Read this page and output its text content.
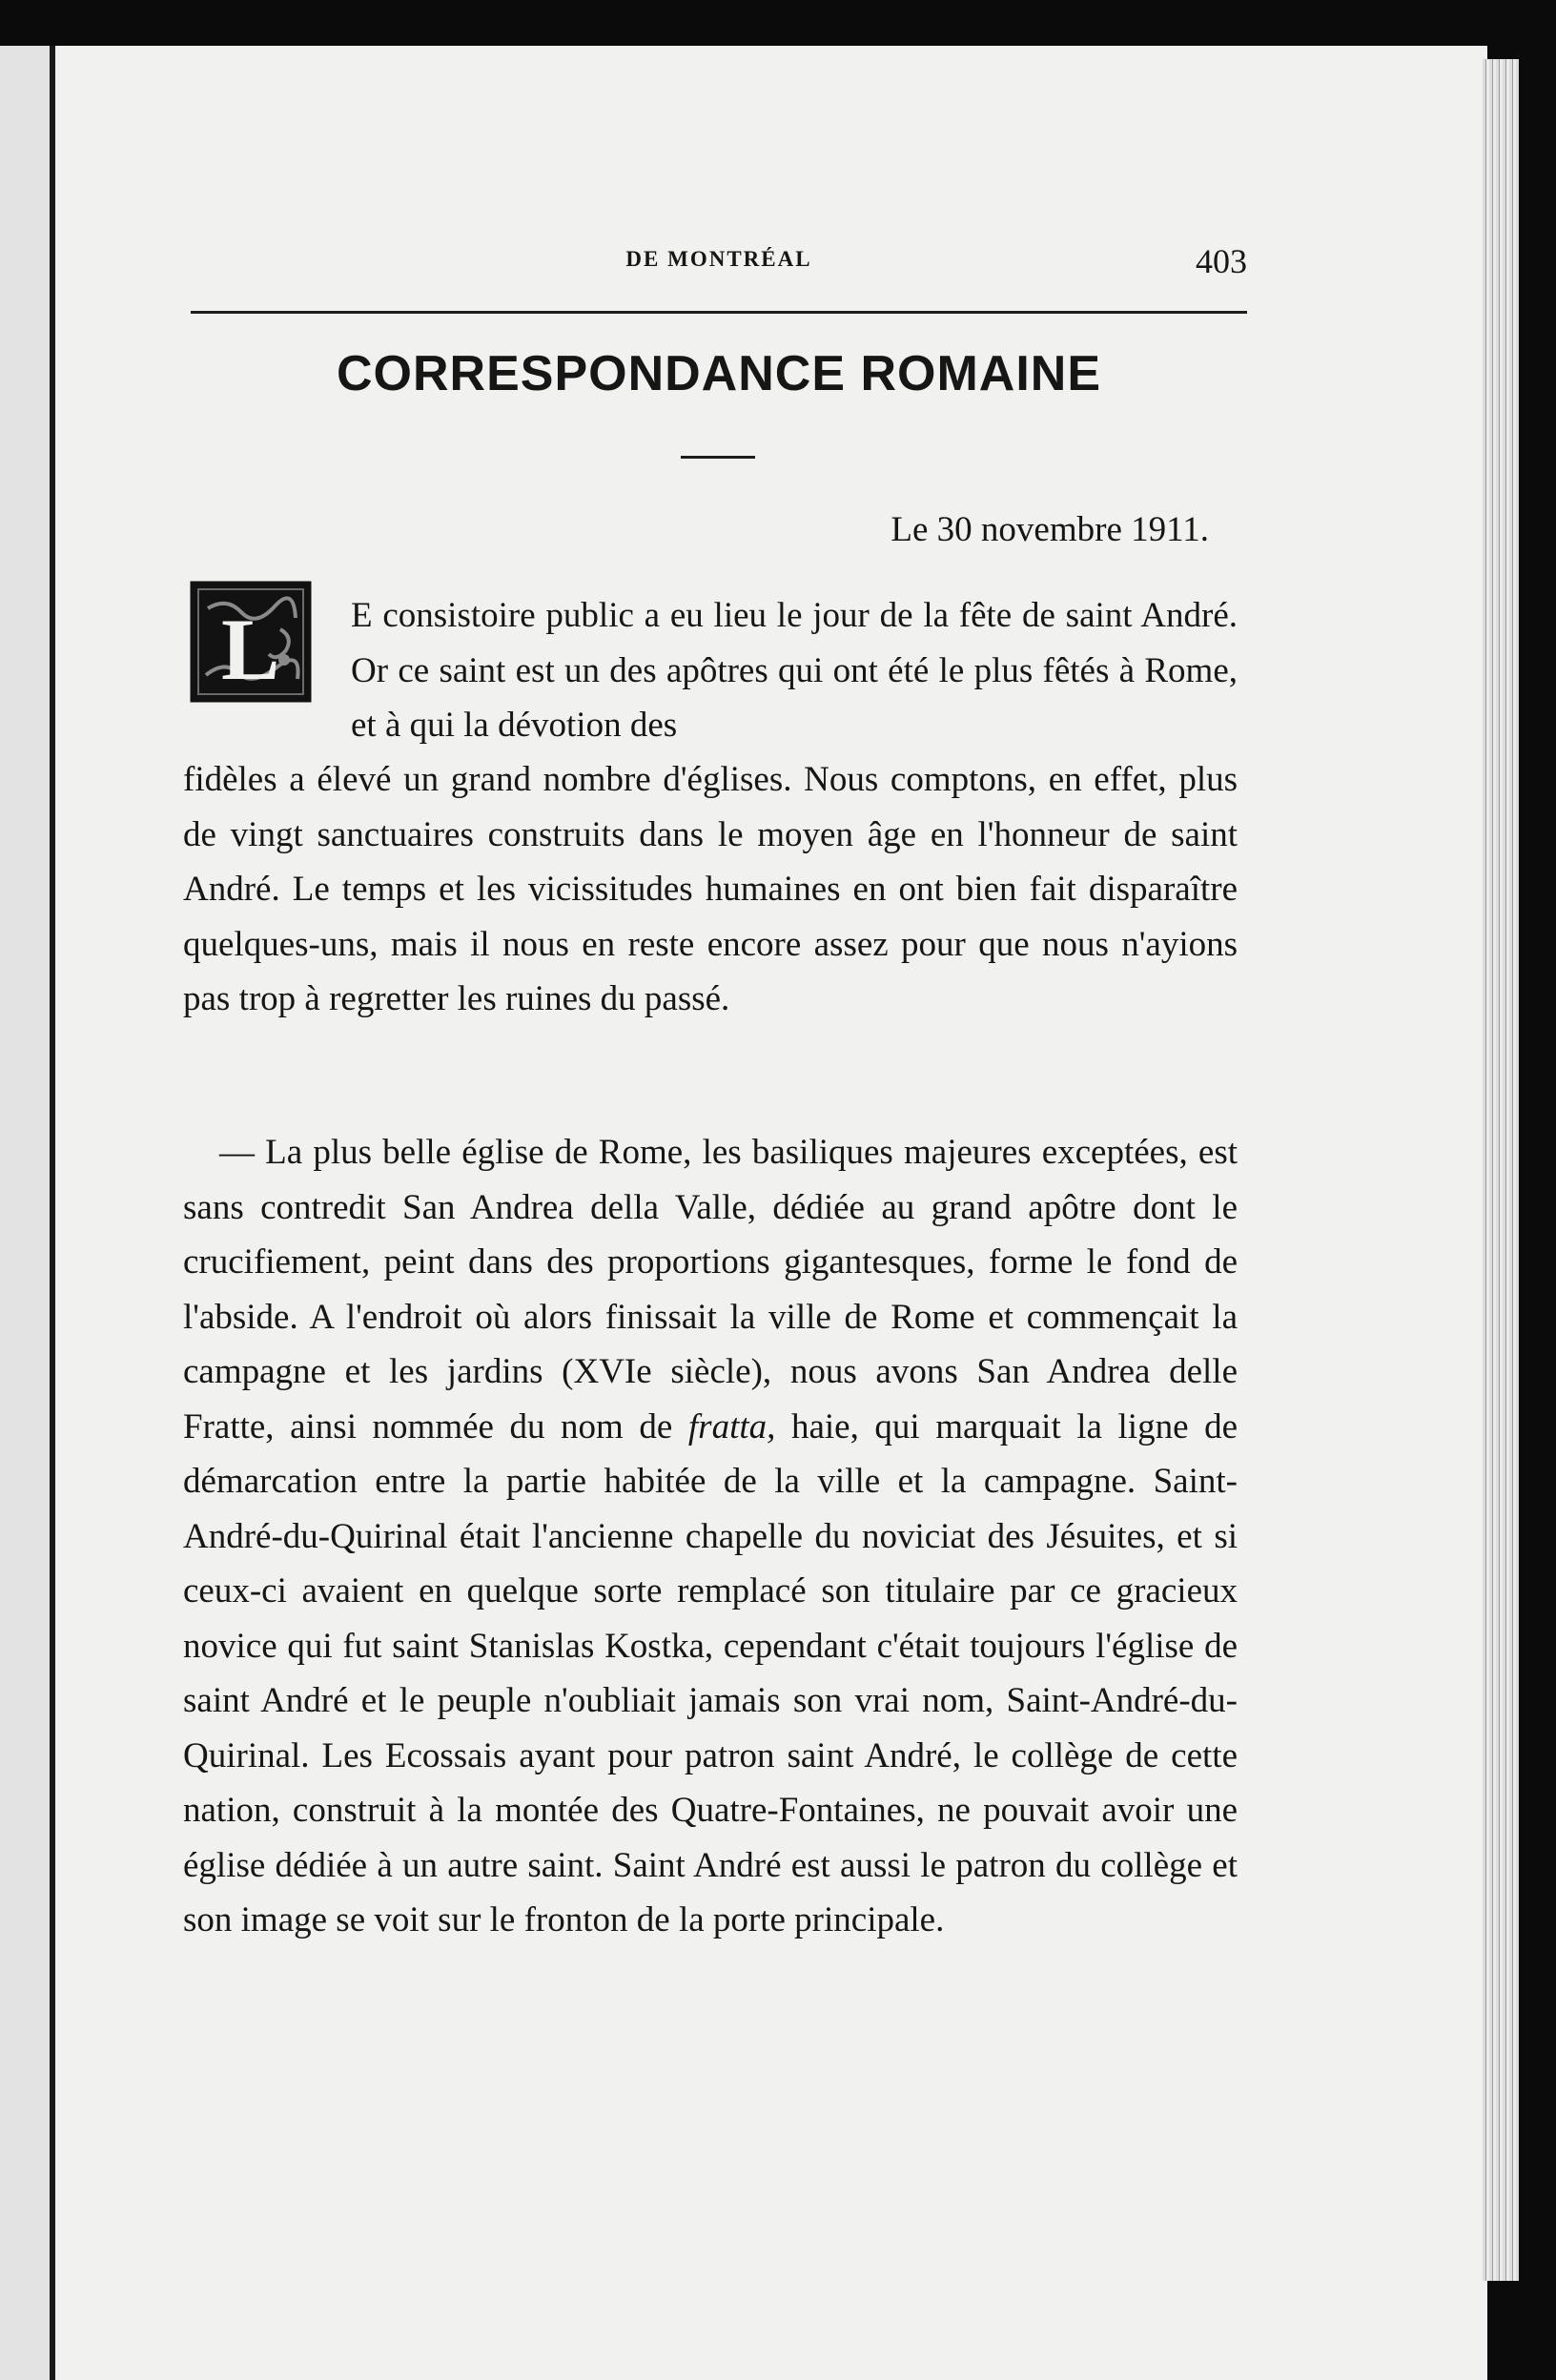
DE MONTRÉAL	403
CORRESPONDANCE ROMAINE
Le 30 novembre 1911.
L E consistoire public a eu lieu le jour de la fête de saint André. Or ce saint est un des apôtres qui ont été le plus fêtés à Rome, et à qui la dévotion des
fidèles a élevé un grand nombre d'églises. Nous comptons, en effet, plus de vingt sanctuaires construits dans le moyen âge en l'honneur de saint André. Le temps et les vicissitudes humaines en ont bien fait disparaître quelques-uns, mais il nous en reste encore assez pour que nous n'ayions pas trop à regretter les ruines du passé.
— La plus belle église de Rome, les basiliques majeures exceptées, est sans contredit San Andrea della Valle, dédiée au grand apôtre dont le crucifiement, peint dans des proportions gigantesques, forme le fond de l'abside. A l'endroit où alors finissait la ville de Rome et commençait la campagne et les jardins (XVIe siècle), nous avons San Andrea delle Fratte, ainsi nommée du nom de fratta, haie, qui marquait la ligne de démarcation entre la partie habitée de la ville et la campagne. Saint-André-du-Quirinal était l'ancienne chapelle du noviciat des Jésuites, et si ceux-ci avaient en quelque sorte remplacé son titulaire par ce gracieux novice qui fut saint Stanislas Kostka, cependant c'était toujours l'église de saint André et le peuple n'oubliait jamais son vrai nom, Saint-André-du-Quirinal. Les Ecossais ayant pour patron saint André, le collège de cette nation, construit à la montée des Quatre-Fontaines, ne pouvait avoir une église dédiée à un autre saint. Saint André est aussi le patron du collège et son image se voit sur le fronton de la porte principale.
